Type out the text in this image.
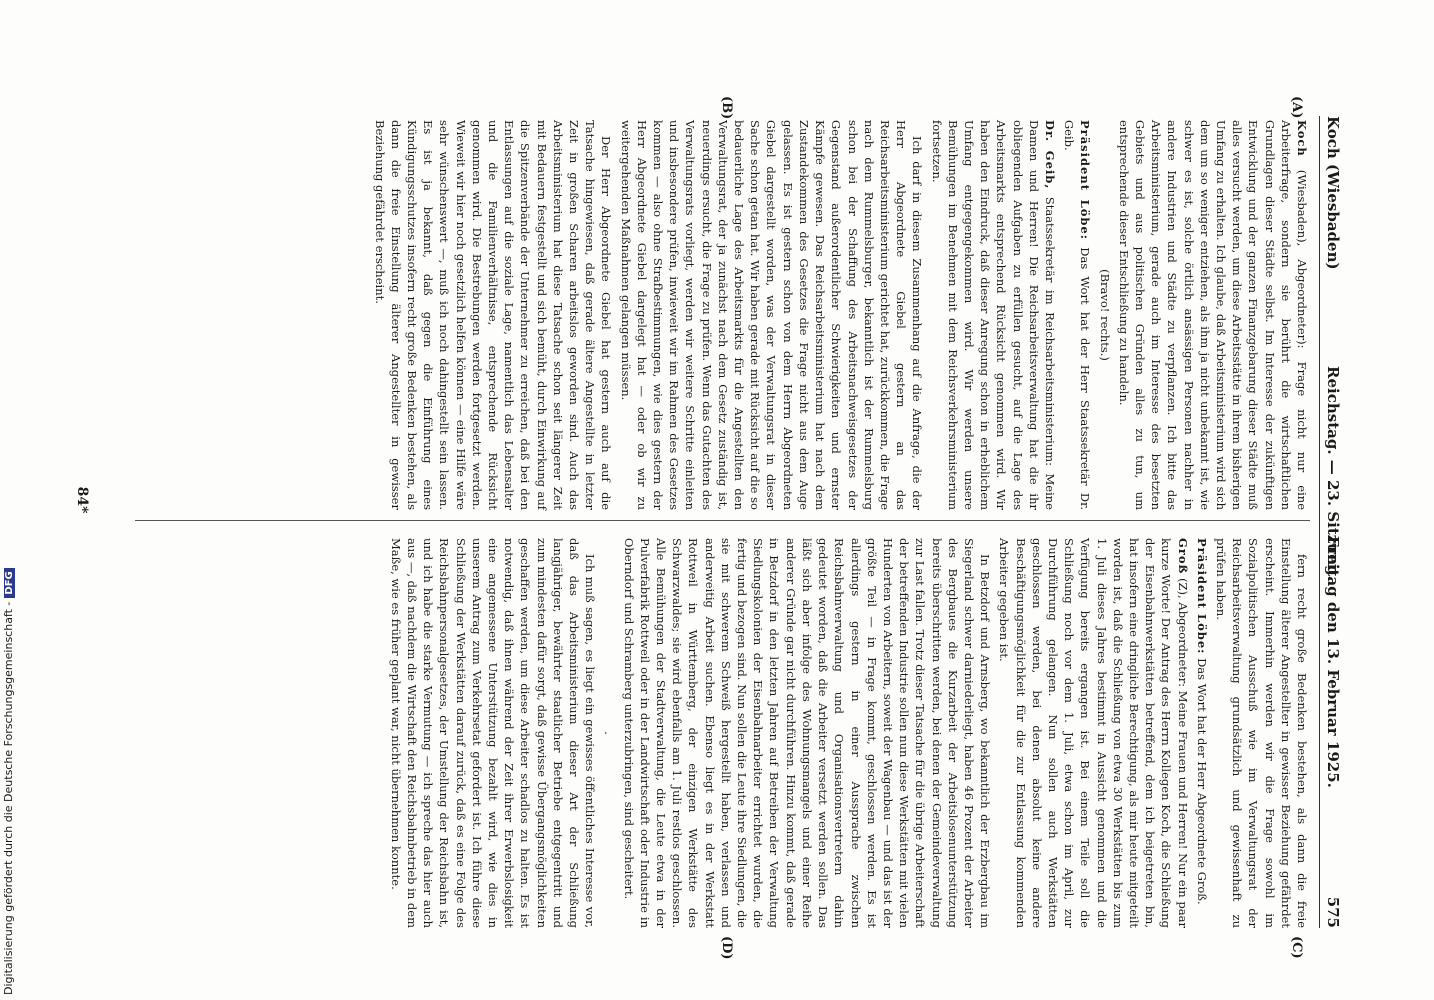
Koch (Wiesbaden)
Reichstag. — 23. Sitzung.
Freitag den 13. Februar 1925.
575
(A)
(B)
(C)
(D)

Koch (Wiesbaden), Abgeordneter): Frage nicht nur eine Arbeiterfrage, sondern sie berührt die wirtschaftlichen Grundlagen dieser Städte selbst. Im Interesse der zukünftigen Entwicklung und der ganzen Finanzgebarung dieser Städte muß alles versucht werden, um diese Arbeitsstätte in ihrem bisherigen Umfang zu erhalten. Ich glaube, daß Arbeitsministerium wird sich dem um so weniger entziehen, als ihm ja nicht unbekannt ist, wie schwer es ist, solche örtlich ansässigen Personen nachher in andere Industrien und Städte zu verpflanzen. Ich bitte das Arbeitsministerium, gerade auch im Interesse des besetzten Gebiets und aus politischen Gründen alles zu tun, um entsprechende dieser Entschließung zu handeln.

(Bravo! rechts.)

Präsident Löbe: Das Wort hat der Herr Staatssekretär Dr. Geib.

Dr. Geib, Staatssekretär im Reichsarbeitsministerium: Meine Damen und Herren! Die Reichsarbeitsverwaltung hat die ihr obliegenden Aufgaben zu erfüllen gesucht, auf die Lage des Arbeitsmarkts entsprechend Rücksicht genommen wird. Wir haben den Eindruck, daß dieser Anregung schon in erheblichem Umfang entgegengekommen wird. Wir werden unsere Bemühungen im Benehmen mit dem Reichsverkehrsministerium fortsetzen.

Ich darf in diesem Zusammenhang auf die Anfrage, die der Herr Abgeordnete Giebel gestern an das Reichsarbeitsministerium gerichtet hat, zurückkommen, die Frage nach dem Rummelsburger, bekanntlich ist der Rummelsburg schon bei der Schaffung des Arbeitsnachweisgesetzes der Gegenstand außerordentlicher Schwierigkeiten und ernster Kämpfe gewesen. Das Reichsarbeitsministerium hat nach dem Zustandekommen des Gesetzes die Frage nicht aus dem Auge gelassen. Es ist gestern schon von dem Herrn Abgeordneten Giebel dargestellt worden, was der Verwaltungsrat in dieser Sache schon getan hat. Wir haben gerade mit Rücksicht auf die so bedauerliche Lage des Arbeitsmarkts für die Angestellten den Verwaltungsrat, der ja zunächst nach dem Gesetz zuständig ist, neuerdings ersucht, die Frage zu prüfen. Wenn das Gutachten des Verwaltungsrats vorliegt, werden wir weitere Schritte einleiten und insbesondere prüfen, inwieweit wir im Rahmen des Gesetzes kommen — also ohne Strafbestimmungen, wie dies gestern der Herr Abgeordnete Giebel dargelegt hat — oder ob wir zu weitergehenden Maßnahmen gelangen müssen.

Der Herr Abgeordnete Giebel hat gestern auch auf die Tatsache hingewiesen, daß gerade ältere Angestellte in letzter Zeit in großen Scharen arbeitslos geworden sind. Auch das Arbeitsministerium hat diese Tatsache schon seit längerer Zeit mit Bedauern festgestellt und sich bemüht, durch Einwirkung auf die Spitzenverbände der Unternehmer zu erreichen, daß bei den Entlassungen auf die soziale Lage, namentlich das Lebensalter und die Familienverhältnisse, entsprechende Rücksicht genommen wird. Die Bestrebungen werden fortgesetzt werden. Wieweit wir hier noch gesetzlich helfen können — eine Hilfe wäre sehr wünschenswert —, muß ich noch dahingestellt sein lassen. Es ist ja bekannt, daß gegen die Einführung eines Kündigungsschutzes insofern recht große Bedenken bestehen, als dann die freie Einstellung älterer Angestellter in gewisser Beziehung gefährdet erscheint.

fern recht große Bedenken bestehen, als dann die freie Einstellung älterer Angestellter in gewisser Beziehung gefährdet erscheint. Immerhin werden wir die Frage sowohl im Sozialpolitischen Ausschuß wie im Verwaltungsrat der Reichsarbeitsverwaltung grundsätzlich und gewissenhaft zu prüfen haben.

Präsident Löbe: Das Wort hat der Herr Abgeordnete Groß.

Groß (Z), Abgeordneter: Meine Frauen und Herren! Nur ein paar kurze Worte! Der Antrag des Herrn Kollegen Koch, die Schließung der Eisenbahnwerkstätten betreffend, dem ich beigetreten bin, hat insofern eine dringliche Berechtigung, als mir heute mitgeteilt worden ist, daß die Schließung von etwa 30 Werkstätten bis zum 1. Juli dieses Jahres bestimmt in Aussicht genommen und die Verfügung bereits ergangen ist. Bei einem Teile soll die Schließung noch vor dem 1. Juli, etwa schon im April, zur Durchführung gelangen. Nun sollen auch Werkstätten geschlossen werden, bei denen absolut keine andere Beschäftigungsmöglichkeit für die zur Entlassung kommenden Arbeiter gegeben ist.

In Betzdorf und Arnsberg, wo bekanntlich der Erzbergbau im Siegerland schwer darniederliegt, haben 46 Prozent der Arbeiter des Bergbaues die Kurzarbeit der Arbeitslosenunterstützung bereits überschritten werden, bei denen der Gemeindeverwaltung zur Last fallen. Trotz dieser Tatsache für die übrige Arbeiterschaft der betreffenden Industrie sollen nun diese Werkstätten mit vielen Hunderten von Arbeitern, soweit der Wagenbau — und das ist der größte Teil — in Frage kommt, geschlossen werden. Es ist allerdings gestern in einer Aussprache zwischen Reichsbahnverwaltung und Organisationsvertretern dahin gedeutet worden, daß die Arbeiter versetzt werden sollen. Das läßt sich aber infolge des Wohnungsmangels und einer Reihe anderer Gründe gar nicht durchführen. Hinzu kommt, daß gerade in Betzdorf in den letzten Jahren auf Betreiben der Verwaltung Siedlungskolonien der Eisenbahnarbeiter errichtet wurden, die fertig und bezogen sind. Nun sollen die Leute ihre Siedlungen, die sie mit schwerem Schweiß hergestellt haben, verlassen und anderweitig Arbeit suchen. Ebenso liegt es in der Werkstatt Rottweil in Württemberg, der einzigen Werkstätte des Schwarzwaldes; sie wird ebenfalls am 1. Juli restlos geschlossen. Alle Bemühungen der Stadtverwaltung, die Leute etwa in der Pulverfabrik Rottweil oder in der Landwirtschaft oder Industrie in Oberndorf und Schramberg unterzubringen, sind gescheitert.

.

Ich muß sagen, es liegt ein gewisses öffentliches Interesse vor, daß das Arbeitsministerium dieser Art der Schließung langjähriger, bewährter staatlicher Betriebe entgegentritt und zum mindesten dafür sorgt, daß gewisse Übergangsmöglichkeiten geschaffen werden, um diese Arbeiter schadlos zu halten. Es ist notwendig, daß ihnen während der Zeit ihrer Erwerbslosigkeit eine angemessene Unterstützung bezahlt wird, wie dies in unserem Antrag zum Verkehrsetat gefordert ist. Ich führe diese Schließung der Werkstätten darauf zurück, daß es eine Folge des Reichsbahnpersonalgesetzes, der Umstellung der Reichsbahn ist, und ich habe die starke Vermutung — ich spreche das hier auch aus —, daß nachdem die Wirtschaft den Reichsbahnbetrieb in dem Maße, wie es früher geplant war, nicht übernehmen konnte.

84*
Digitalisierung gefördert durch die Deutsche Forschungsgemeinschaft -DFG
